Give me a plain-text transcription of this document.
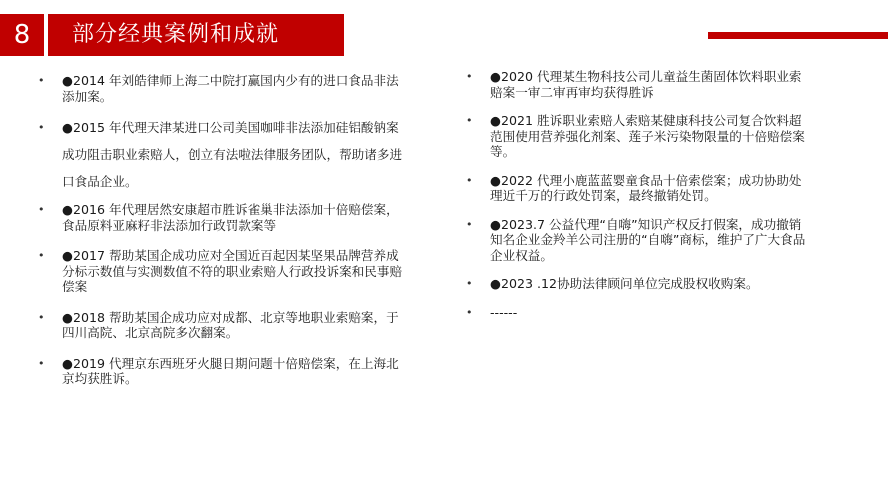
8	部分经典案例和成就
• ●2014 年刘皓律师上海二中院打赢国内少有的进口食品非法添加案。
• ●2015 年代理天津某进口公司美国咖啡非法添加硅铝酸钠案成功阻击职业索赔人，创立有法啦法律服务团队，帮助诸多进口食品企业。
• ●2016 年代理居然安康超市胜诉雀巢非法添加十倍赔偿案，食品原料亚麻籽非法添加行政罚款案等
• ●2017 帮助某国企成功应对全国近百起因某坚果品牌营养成分标示数值与实测数值不符的职业索赔人行政投诉案和民事赔偿案
• ●2018 帮助某国企成功应对成都、北京等地职业索赔案，于四川高院、北京高院多次翻案。
• ●2019 代理京东西班牙火腿日期问题十倍赔偿案，在上海北京均获胜诉。
• ●2020 代理某生物科技公司儿童益生菌固体饮料职业索赔案一审二审再审均获得胜诉
• ●2021 胜诉职业索赔人索赔某健康科技公司复合饮料超范围使用营养强化剂案、莲子米污染物限量的十倍赔偿案等。
• ●2022 代理小鹿蓝蓝婴童食品十倍索偿案；成功协助处理近千万的行政处罚案，最终撤销处罚。
• ●2023.7 公益代理“自嗨”知识产权反打假案，成功撤销知名企业金羚羊公司注册的“自嗨”商标，维护了广大食品企业权益。
• ●2023 .12协助法律顾问单位完成股权收购案。
• ------
